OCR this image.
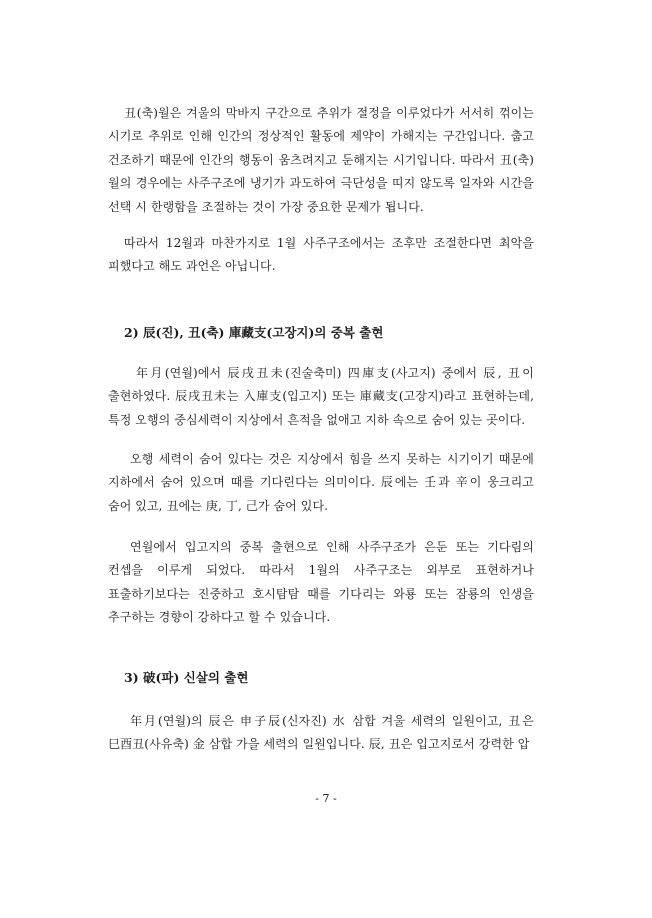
丑(축)월은 겨울의 막바지 구간으로 추위가 절정을 이루었다가 서서히 꺾이는 시기로 추위로 인해 인간의 정상적인 활동에 제약이 가해지는 구간입니다. 춥고 건조하기 때문에 인간의 행동이 움츠려지고 둔해지는 시기입니다. 따라서 丑(축)월의 경우에는 사주구조에 냉기가 과도하여 극단성을 띠지 않도록 일자와 시간을 선택 시 한랭함을 조절하는 것이 가장 중요한 문제가 됩니다.

따라서 12월과 마찬가지로 1월 사주구조에서는 조후만 조절한다면 최악을 피했다고 해도 과언은 아닙니다.

2) 辰(진), 丑(축) 庫藏支(고장지)의 중복 출현

年月(연월)에서 辰戌丑未(진술축미) 四庫支(사고지) 중에서 辰, 丑이 출현하였다. 辰戌丑未는 入庫支(입고지) 또는 庫藏支(고장지)라고 표현하는데, 특정 오행의 중심세력이 지상에서 흔적을 없애고 지하 속으로 숨어 있는 곳이다.

오행 세력이 숨어 있다는 것은 지상에서 힘을 쓰지 못하는 시기이기 때문에 지하에서 숨어 있으며 때를 기다린다는 의미이다. 辰에는 壬과 辛이 웅크리고 숨어 있고, 丑에는 庚, 丁, 己가 숨어 있다.

연월에서 입고지의 중복 출현으로 인해 사주구조가 은둔 또는 기다림의 컨셉을 이루게 되었다. 따라서 1월의 사주구조는 외부로 표현하거나 표출하기보다는 진중하고 호시탐탐 때를 기다리는 와룡 또는 잠룡의 인생을 추구하는 경향이 강하다고 할 수 있습니다.

3) 破(파) 신살의 출현

年月(연월)의 辰은 申子辰(신자진) 水 삼합 겨울 세력의 일원이고, 丑은 巳酉丑(사유축) 金 삼합 가을 세력의 일원입니다. 辰, 丑은 입고지로서 강력한 압

- 7 -
